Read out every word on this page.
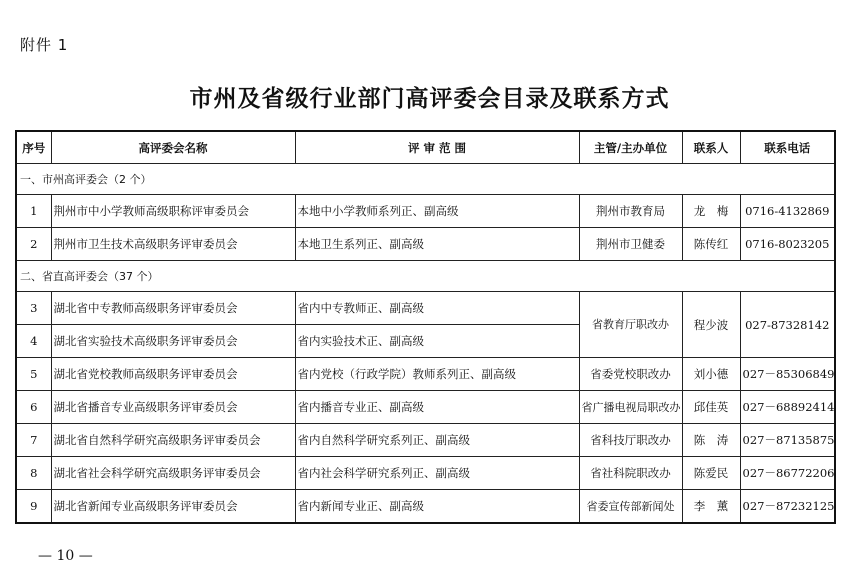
附件 1
市州及省级行业部门高评委会目录及联系方式
序号	高评委会名称	评 审 范 围	主管/主办单位	联系人	联系电话
一、市州高评委会（2 个）					
1	荆州市中小学教师高级职称评审委员会	本地中小学教师系列正、副高级	荆州市教育局	龙　梅	0716-4132869
2	荆州市卫生技术高级职务评审委员会	本地卫生系列正、副高级	荆州市卫健委	陈传红	0716-8023205
二、省直高评委会（37 个）					
3	湖北省中专教师高级职务评审委员会	省内中专教师正、副高级	省教育厅职改办	程少波	027-87328142
4	湖北省实验技术高级职务评审委员会	省内实验技术正、副高级			
5	湖北省党校教师高级职务评审委员会	省内党校（行政学院）教师系列正、副高级	省委党校职改办	刘小德	027－85306849
6	湖北省播音专业高级职务评审委员会	省内播音专业正、副高级	省广播电视局职改办	邱佳英	027－68892414
7	湖北省自然科学研究高级职务评审委员会	省内自然科学研究系列正、副高级	省科技厅职改办	陈　涛	027－87135875
8	湖北省社会科学研究高级职务评审委员会	省内社会科学研究系列正、副高级	省社科院职改办	陈爱民	027－86772206
9	湖北省新闻专业高级职务评审委员会	省内新闻专业正、副高级	省委宣传部新闻处	李　薰	027－87232125
— 10 —
